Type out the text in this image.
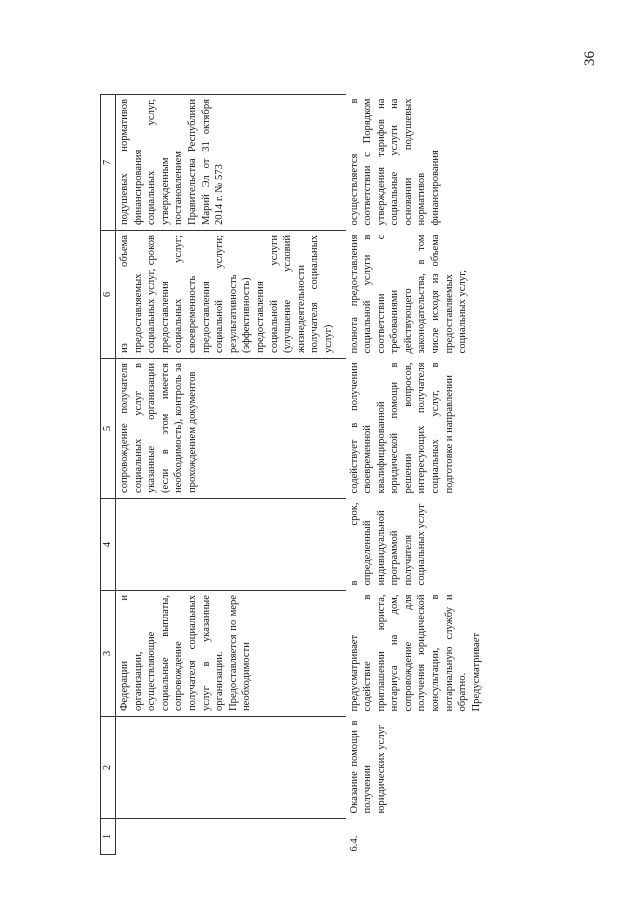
36
1	2	3	4	5	6	7
		Федерации и организации, осуществляющие социальные выплаты, сопровождение получателя социальных услуг в указанные организации. Предоставляется по мере необходимости		сопровождение получателя социальных услуг в указанные организации (если в этом имеется необходимость), контроль за прохождением документов	из объема предоставляемых социальных услуг, сроков предоставления социальных услуг; своевременность предоставления социальной услуги; результативность (эффективность) предоставления социальной услуги (улучшение условий жизнедеятельности получателя социальных услуг)	подушевых нормативов финансирования социальных услуг, утвержденным постановлением Правительства Республики Марий Эл от 31 октября 2014 г. № 573
6.4.	Оказание помощи в получении юридических услуг	предусматривает содействие в приглашении юриста, нотариуса на дом, сопровождение для получения юридической консультации, в нотариальную службу и обратно. Предусматривает	в срок, определенный индивидуальной программой получателя социальных услуг	содействует в получении своевременной квалифицированной юридической помощи в решении вопросов, интересующих получателя социальных услуг, в подготовке и направлении	полнота предоставления социальной услуги в соответствии с требованиями действующего законодательства, в том числе исходя из объема предоставляемых социальных услуг,	осуществляется в соответствии с Порядком утверждения тарифов на социальные услуги на основании подушевых нормативов финансирования
